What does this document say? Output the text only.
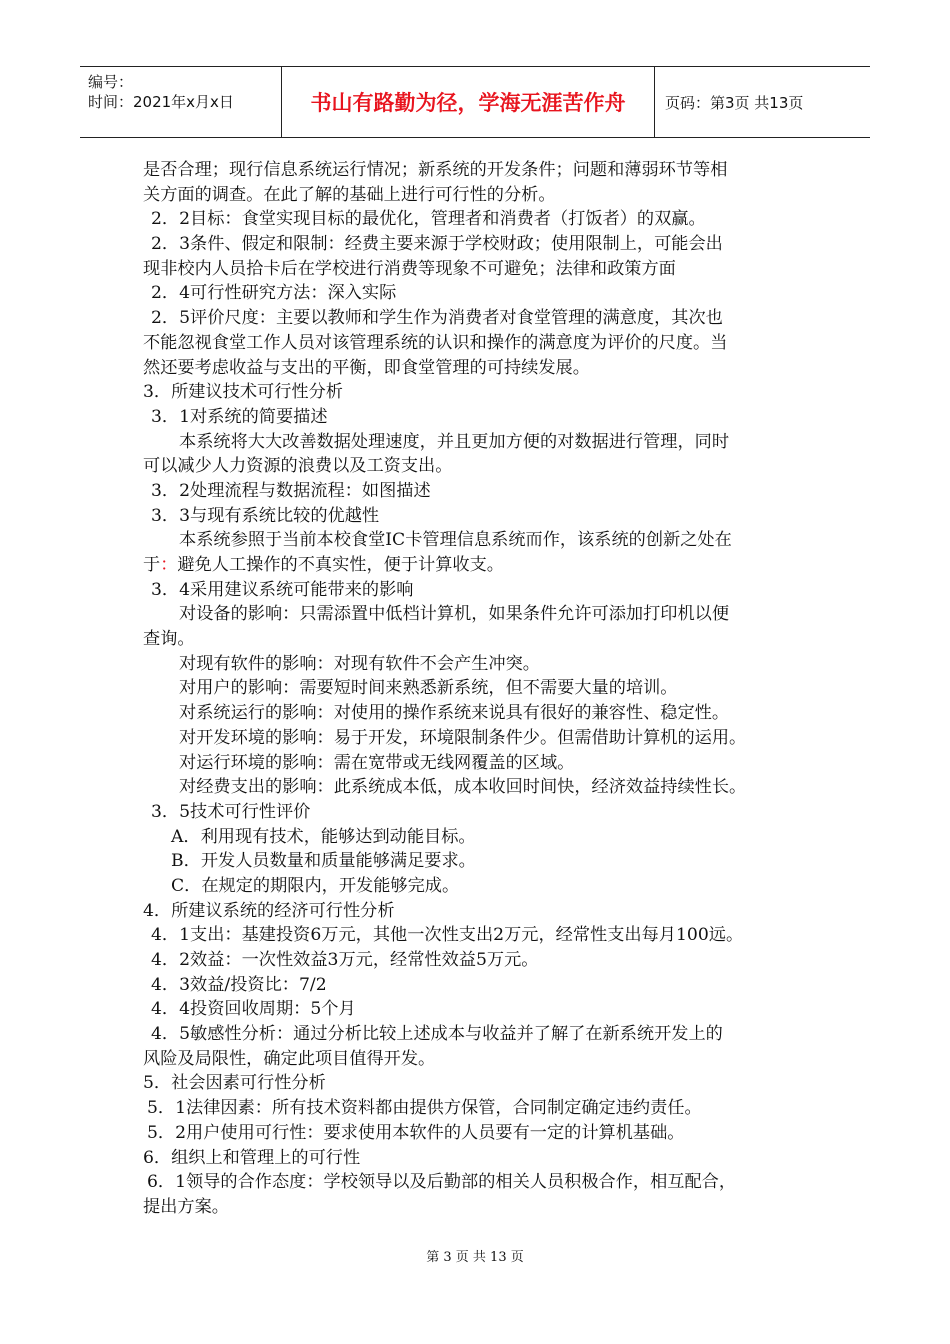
编号：
时间：2021年x月x日	书山有路勤为径，学海无涯苦作舟	页码：第3页 共13页
是否合理；现行信息系统运行情况；新系统的开发条件；问题和薄弱环节等相
关方面的调查。在此了解的基础上进行可行性的分析。
2．2目标：食堂实现目标的最优化，管理者和消费者（打饭者）的双赢。
2．3条件、假定和限制：经费主要来源于学校财政；使用限制上，可能会出
现非校内人员拾卡后在学校进行消费等现象不可避免；法律和政策方面
2．4可行性研究方法：深入实际
2．5评价尺度：主要以教师和学生作为消费者对食堂管理的满意度，其次也
不能忽视食堂工作人员对该管理系统的认识和操作的满意度为评价的尺度。当
然还要考虑收益与支出的平衡，即食堂管理的可持续发展。
3．所建议技术可行性分析
3．1对系统的简要描述
本系统将大大改善数据处理速度，并且更加方便的对数据进行管理，同时
可以减少人力资源的浪费以及工资支出。
3．2处理流程与数据流程：如图描述
3．3与现有系统比较的优越性
本系统参照于当前本校食堂IC卡管理信息系统而作，该系统的创新之处在
于：避免人工操作的不真实性，便于计算收支。
3．4采用建议系统可能带来的影响
对设备的影响：只需添置中低档计算机，如果条件允许可添加打印机以便
查询。
对现有软件的影响：对现有软件不会产生冲突。
对用户的影响：需要短时间来熟悉新系统，但不需要大量的培训。
对系统运行的影响：对使用的操作系统来说具有很好的兼容性、稳定性。
对开发环境的影响：易于开发，环境限制条件少。但需借助计算机的运用。
对运行环境的影响：需在宽带或无线网覆盖的区域。
对经费支出的影响：此系统成本低，成本收回时间快，经济效益持续性长。
3．5技术可行性评价
A．利用现有技术，能够达到动能目标。
B．开发人员数量和质量能够满足要求。
C．在规定的期限内，开发能够完成。
4．所建议系统的经济可行性分析
4．1支出：基建投资6万元，其他一次性支出2万元，经常性支出每月100远。
4．2效益：一次性效益3万元，经常性效益5万元。
4．3效益/投资比：7/2
4．4投资回收周期：5个月
4．5敏感性分析：通过分析比较上述成本与收益并了解了在新系统开发上的
风险及局限性，确定此项目值得开发。
5．社会因素可行性分析
5．1法律因素：所有技术资料都由提供方保管，合同制定确定违约责任。
5．2用户使用可行性：要求使用本软件的人员要有一定的计算机基础。
6．组织上和管理上的可行性
6．1领导的合作态度：学校领导以及后勤部的相关人员积极合作，相互配合，
提出方案。
第 3 页 共 13 页
